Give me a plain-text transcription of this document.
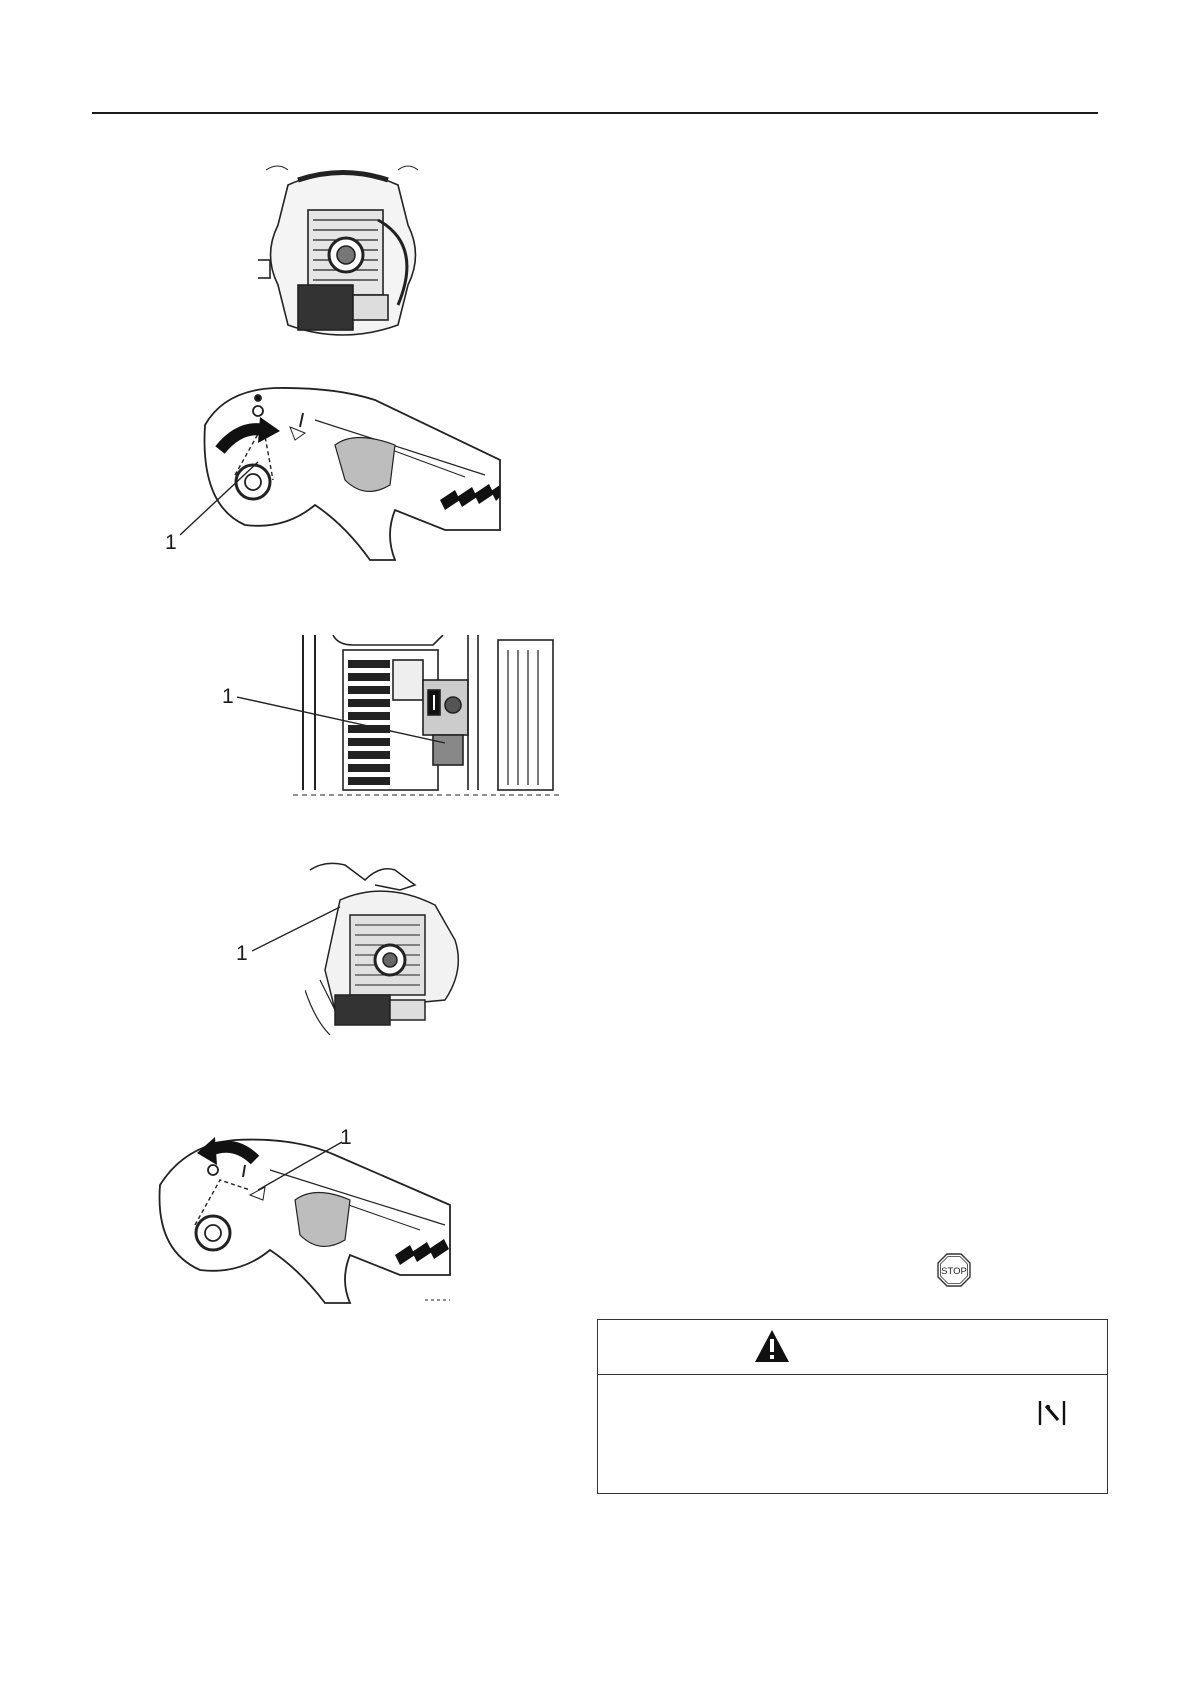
1
1
1
1
STOP
